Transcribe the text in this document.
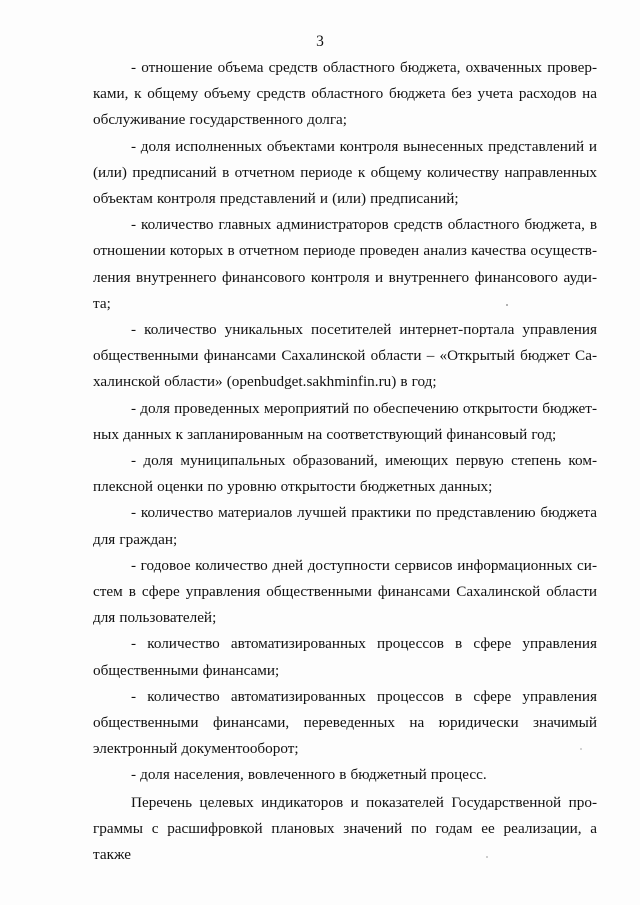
3

- отношение объема средств областного бюджета, охваченных проверками, к общему объему средств областного бюджета без учета расходов на обслуживание государственного долга;

- доля исполненных объектами контроля вынесенных представлений и (или) предписаний в отчетном периоде к общему количеству направленных объектам контроля представлений и (или) предписаний;

- количество главных администраторов средств областного бюджета, в отношении которых в отчетном периоде проведен анализ качества осуществления внутреннего финансового контроля и внутреннего финансового аудита;

- количество уникальных посетителей интернет-портала управления общественными финансами Сахалинской области – «Открытый бюджет Сахалинской области» (openbudget.sakhminfin.ru) в год;

- доля проведенных мероприятий по обеспечению открытости бюджетных данных к запланированным на соответствующий финансовый год;

- доля муниципальных образований, имеющих первую степень комплексной оценки по уровню открытости бюджетных данных;

- количество материалов лучшей практики по представлению бюджета для граждан;

- годовое количество дней доступности сервисов информационных систем в сфере управления общественными финансами Сахалинской области для пользователей;

- количество автоматизированных процессов в сфере управления общественными финансами;

- количество автоматизированных процессов в сфере управления общественными финансами, переведенных на юридически значимый электронный документооборот;

- доля населения, вовлеченного в бюджетный процесс.

Перечень целевых индикаторов и показателей Государственной программы с расшифровкой плановых значений по годам ее реализации, а также
